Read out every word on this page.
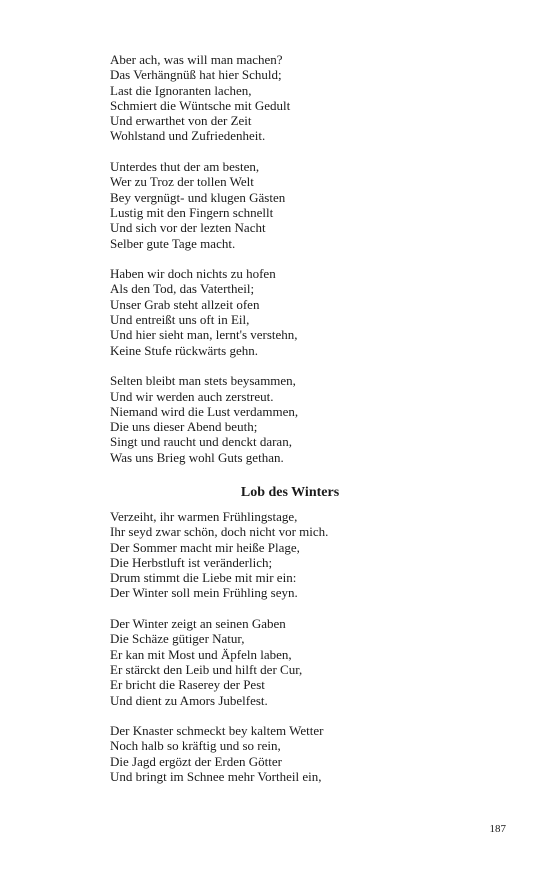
Aber ach, was will man machen?
Das Verhängnüß hat hier Schuld;
Last die Ignoranten lachen,
Schmiert die Wüntsche mit Gedult
Und erwarthet von der Zeit
Wohlstand und Zufriedenheit.
Unterdes thut der am besten,
Wer zu Troz der tollen Welt
Bey vergnügt- und klugen Gästen
Lustig mit den Fingern schnellt
Und sich vor der lezten Nacht
Selber gute Tage macht.
Haben wir doch nichts zu hofen
Als den Tod, das Vatertheil;
Unser Grab steht allzeit ofen
Und entreißt uns oft in Eil,
Und hier sieht man, lernt's verstehn,
Keine Stufe rückwärts gehn.
Selten bleibt man stets beysammen,
Und wir werden auch zerstreut.
Niemand wird die Lust verdammen,
Die uns dieser Abend beuth;
Singt und raucht und denckt daran,
Was uns Brieg wohl Guts gethan.
Lob des Winters
Verzeiht, ihr warmen Frühlingstage,
Ihr seyd zwar schön, doch nicht vor mich.
Der Sommer macht mir heiße Plage,
Die Herbstluft ist veränderlich;
Drum stimmt die Liebe mit mir ein:
Der Winter soll mein Frühling seyn.
Der Winter zeigt an seinen Gaben
Die Schäze gütiger Natur,
Er kan mit Most und Äpfeln laben,
Er stärckt den Leib und hilft der Cur,
Er bricht die Raserey der Pest
Und dient zu Amors Jubelfest.
Der Knaster schmeckt bey kaltem Wetter
Noch halb so kräftig und so rein,
Die Jagd ergözt der Erden Götter
Und bringt im Schnee mehr Vortheil ein,
187
